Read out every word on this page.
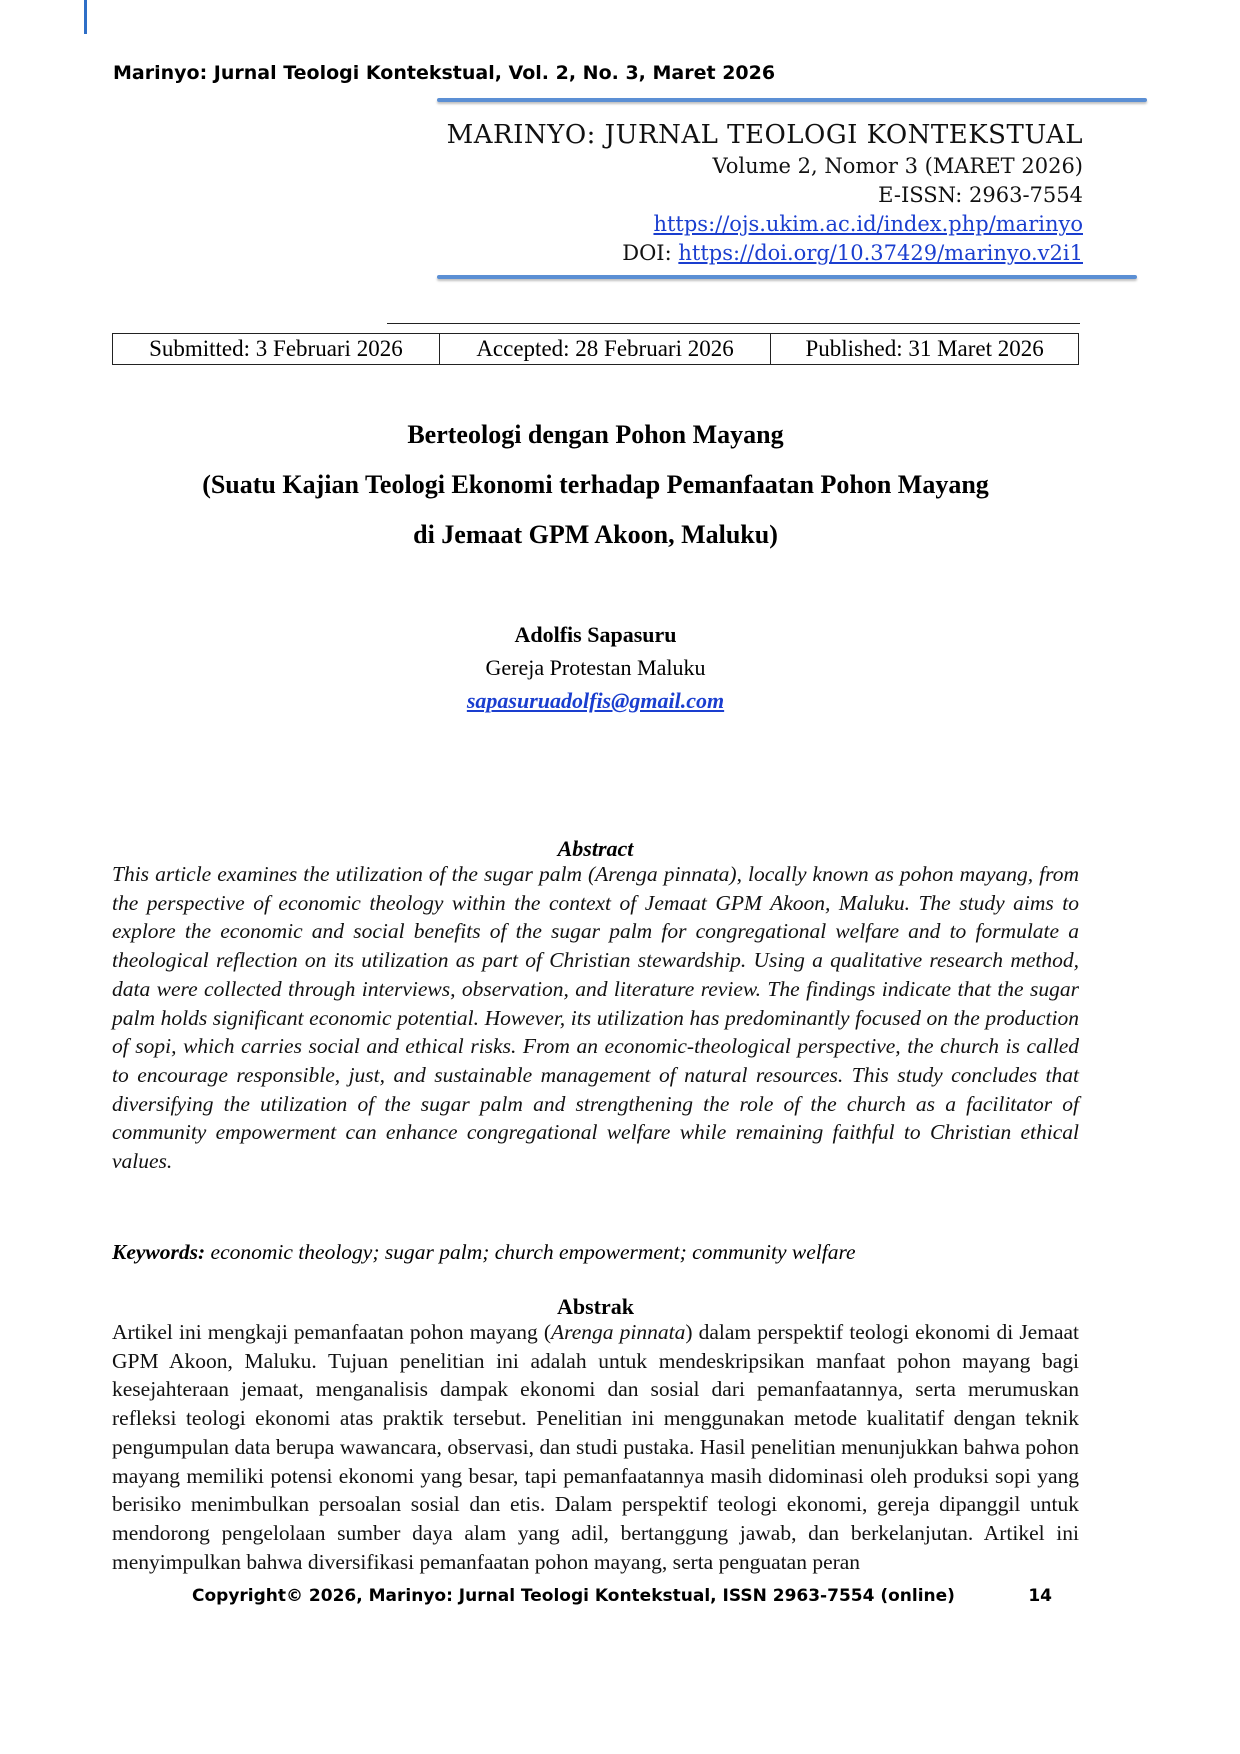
Marinyo: Jurnal Teologi Kontekstual, Vol. 2, No. 3, Maret 2026

MARINYO: JURNAL TEOLOGI KONTEKSTUAL
Volume 2, Nomor 3 (MARET 2026)
E-ISSN: 2963-7554
https://ojs.ukim.ac.id/index.php/marinyo
DOI: https://doi.org/10.37429/marinyo.v2i1
Submitted: 3 Februari 2026	Accepted: 28 Februari 2026	Published: 31 Maret 2026
Berteologi dengan Pohon Mayang
(Suatu Kajian Teologi Ekonomi terhadap Pemanfaatan Pohon Mayang
di Jemaat GPM Akoon, Maluku)
Adolfis Sapasuru
Gereja Protestan Maluku
sapasuruadolfis@gmail.com
Abstract

This article examines the utilization of the sugar palm (Arenga pinnata), locally known as pohon mayang, from the perspective of economic theology within the context of Jemaat GPM Akoon, Maluku. The study aims to explore the economic and social benefits of the sugar palm for congregational welfare and to formulate a theological reflection on its utilization as part of Christian stewardship. Using a qualitative research method, data were collected through interviews, observation, and literature review. The findings indicate that the sugar palm holds significant economic potential. However, its utilization has predominantly focused on the production of sopi, which carries social and ethical risks. From an economic-theological perspective, the church is called to encourage responsible, just, and sustainable management of natural resources. This study concludes that diversifying the utilization of the sugar palm and strengthening the role of the church as a facilitator of community empowerment can enhance congregational welfare while remaining faithful to Christian ethical values.

Keywords: economic theology; sugar palm; church empowerment; community welfare

Abstrak

Artikel ini mengkaji pemanfaatan pohon mayang (Arenga pinnata) dalam perspektif teologi ekonomi di Jemaat GPM Akoon, Maluku. Tujuan penelitian ini adalah untuk mendeskripsikan manfaat pohon mayang bagi kesejahteraan jemaat, menganalisis dampak ekonomi dan sosial dari pemanfaatannya, serta merumuskan refleksi teologi ekonomi atas praktik tersebut. Penelitian ini menggunakan metode kualitatif dengan teknik pengumpulan data berupa wawancara, observasi, dan studi pustaka. Hasil penelitian menunjukkan bahwa pohon mayang memiliki potensi ekonomi yang besar, tapi pemanfaatannya masih didominasi oleh produksi sopi yang berisiko menimbulkan persoalan sosial dan etis. Dalam perspektif teologi ekonomi, gereja dipanggil untuk mendorong pengelolaan sumber daya alam yang adil, bertanggung jawab, dan berkelanjutan. Artikel ini menyimpulkan bahwa diversifikasi pemanfaatan pohon mayang, serta penguatan peran

Copyright© 2026, Marinyo: Jurnal Teologi Kontekstual, ISSN 2963-7554 (online)	14
